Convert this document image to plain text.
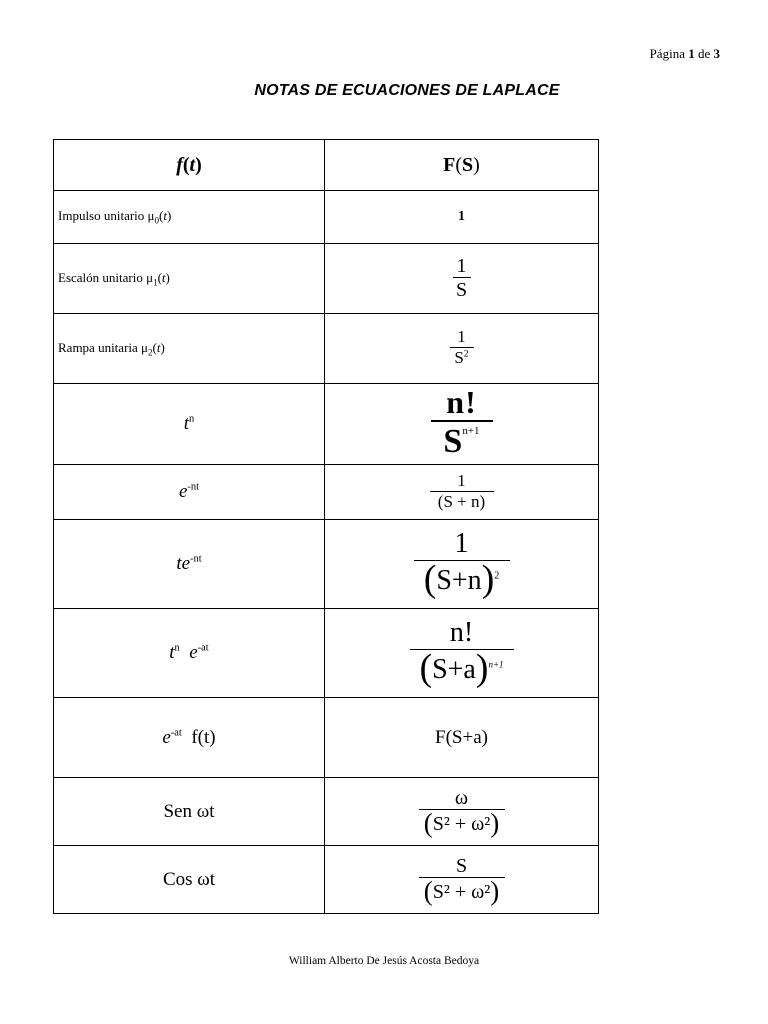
Página 1 de 3
NOTAS DE ECUACIONES DE LAPLACE
f(t)	F(S)
Impulso unitario $\mu_0(t)$	1
Escalón unitario $\mu_1(t)$	$\frac{1}{S}$

Rampa unitaria $\mu_2(t)$	$\frac{1}{S^2}$

$t^n$	$\frac{n!}{S^{n+1}}$

$e^{-nt}$	$\frac{1}{(S + n)}$

$te^{-nt}$	$\frac{1}{(S+n)^2}$

$t^n$ $e^{-at}$	$\frac{n!}{(S+a)^{n+1}}$

$e^{-at}$ f(t)	F(S+a)
Sen ωt	$\frac{\omega}{\text{(S² + ω²)}}$

Cos ωt	$\frac{S}{\text{(S² + ω²)}}$
William Alberto De Jesús Acosta Bedoya
